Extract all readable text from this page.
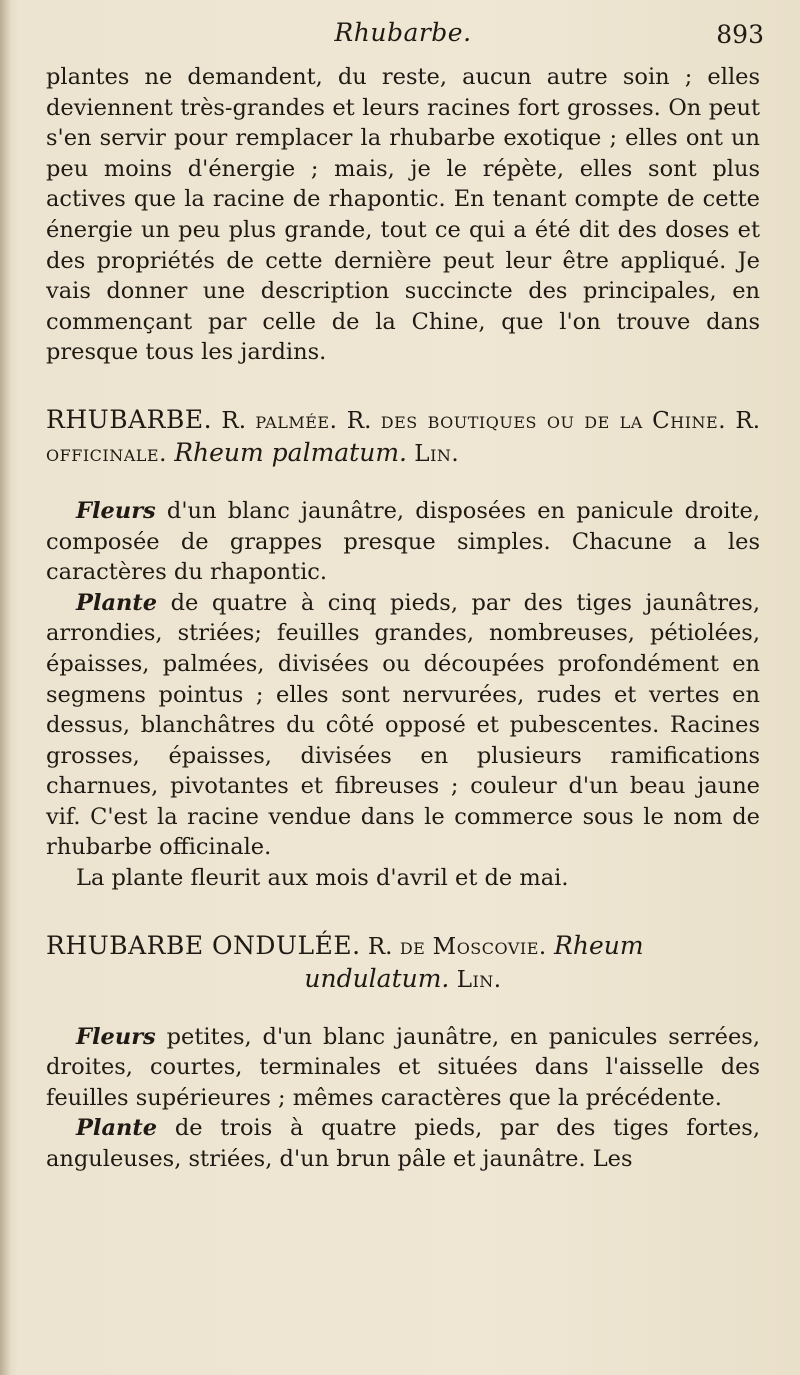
Rhubarbe.	893

plantes ne demandent, du reste, aucun autre soin ; elles deviennent très-grandes et leurs racines fort grosses. On peut s'en servir pour remplacer la rhubarbe exotique ; elles ont un peu moins d'énergie ; mais, je le répète, elles sont plus actives que la racine de rhapontic. En tenant compte de cette énergie un peu plus grande, tout ce qui a été dit des doses et des propriétés de cette dernière peut leur être appliqué. Je vais donner une description succincte des principales, en commençant par celle de la Chine, que l'on trouve dans presque tous les jardins.

RHUBARBE. R. palmée. R. des boutiques ou de la Chine. R. officinale. Rheum palmatum. Lin.

Fleurs d'un blanc jaunâtre, disposées en panicule droite, composée de grappes presque simples. Chacune a les caractères du rhapontic.

Plante de quatre à cinq pieds, par des tiges jaunâtres, arrondies, striées; feuilles grandes, nombreuses, pétiolées, épaisses, palmées, divisées ou découpées profondément en segmens pointus ; elles sont nervurées, rudes et vertes en dessus, blanchâtres du côté opposé et pubescentes. Racines grosses, épaisses, divisées en plusieurs ramifications charnues, pivotantes et fibreuses ; couleur d'un beau jaune vif. C'est la racine vendue dans le commerce sous le nom de rhubarbe officinale.

La plante fleurit aux mois d'avril et de mai.

RHUBARBE ONDULÉE. R. de Moscovie. Rheum

undulatum. Lin.

Fleurs petites, d'un blanc jaunâtre, en panicules serrées, droites, courtes, terminales et situées dans l'aisselle des feuilles supérieures ; mêmes caractères que la précédente.

Plante de trois à quatre pieds, par des tiges fortes, anguleuses, striées, d'un brun pâle et jaunâtre. Les
